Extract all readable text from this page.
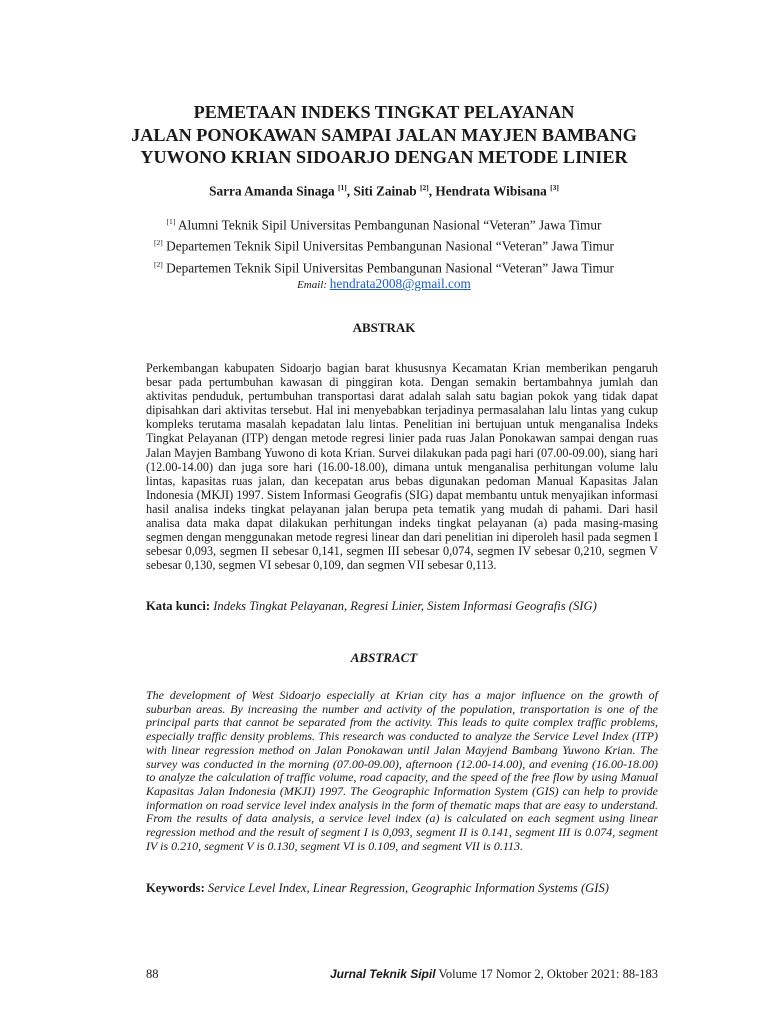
PEMETAAN INDEKS TINGKAT PELAYANAN
JALAN PONOKAWAN SAMPAI JALAN MAYJEN BAMBANG
YUWONO KRIAN SIDOARJO DENGAN METODE LINIER
Sarra Amanda Sinaga [1], Siti Zainab [2], Hendrata Wibisana [3]
[1] Alumni Teknik Sipil Universitas Pembangunan Nasional “Veteran” Jawa Timur
[2] Departemen Teknik Sipil Universitas Pembangunan Nasional “Veteran” Jawa Timur
[2] Departemen Teknik Sipil Universitas Pembangunan Nasional “Veteran” Jawa Timur
Email: hendrata2008@gmail.com
ABSTRAK

Perkembangan kabupaten Sidoarjo bagian barat khususnya Kecamatan Krian memberikan pengaruh besar pada pertumbuhan kawasan di pinggiran kota. Dengan semakin bertambahnya jumlah dan aktivitas penduduk, pertumbuhan transportasi darat adalah salah satu bagian pokok yang tidak dapat dipisahkan dari aktivitas tersebut. Hal ini menyebabkan terjadinya permasalahan lalu lintas yang cukup kompleks terutama masalah kepadatan lalu lintas. Penelitian ini bertujuan untuk menganalisa Indeks Tingkat Pelayanan (ITP) dengan metode regresi linier pada ruas Jalan Ponokawan sampai dengan ruas Jalan Mayjen Bambang Yuwono di kota Krian. Survei dilakukan pada pagi hari (07.00-09.00), siang hari (12.00-14.00) dan juga sore hari (16.00-18.00), dimana untuk menganalisa perhitungan volume lalu lintas, kapasitas ruas jalan, dan kecepatan arus bebas digunakan pedoman Manual Kapasitas Jalan Indonesia (MKJI) 1997. Sistem Informasi Geografis (SIG) dapat membantu untuk menyajikan informasi hasil analisa indeks tingkat pelayanan jalan berupa peta tematik yang mudah di pahami. Dari hasil analisa data maka dapat dilakukan perhitungan indeks tingkat pelayanan (a) pada masing-masing segmen dengan menggunakan metode regresi linear dan dari penelitian ini diperoleh hasil pada segmen I sebesar 0,093, segmen II sebesar 0,141, segmen III sebesar 0,074, segmen IV sebesar 0,210, segmen V sebesar 0,130, segmen VI sebesar 0,109, dan segmen VII sebesar 0,113.

Kata kunci: Indeks Tingkat Pelayanan, Regresi Linier, Sistem Informasi Geografis (SIG)
ABSTRACT

The development of West Sidoarjo especially at Krian city has a major influence on the growth of suburban areas. By increasing the number and activity of the population, transportation is one of the principal parts that cannot be separated from the activity. This leads to quite complex traffic problems, especially traffic density problems. This research was conducted to analyze the Service Level Index (ITP) with linear regression method on Jalan Ponokawan until Jalan Mayjend Bambang Yuwono Krian. The survey was conducted in the morning (07.00-09.00), afternoon (12.00-14.00), and evening (16.00-18.00) to analyze the calculation of traffic volume, road capacity, and the speed of the free flow by using Manual Kapasitas Jalan Indonesia (MKJI) 1997. The Geographic Information System (GIS) can help to provide information on road service level index analysis in the form of thematic maps that are easy to understand. From the results of data analysis, a service level index (a) is calculated on each segment using linear regression method and the result of segment I is 0,093, segment II is 0.141, segment III is 0.074, segment IV is 0.210, segment V is 0.130, segment VI is 0.109, and segment VII is 0.113.

Keywords: Service Level Index, Linear Regression, Geographic Information Systems (GIS)
88	Jurnal Teknik Sipil Volume 17 Nomor 2, Oktober 2021: 88-183
